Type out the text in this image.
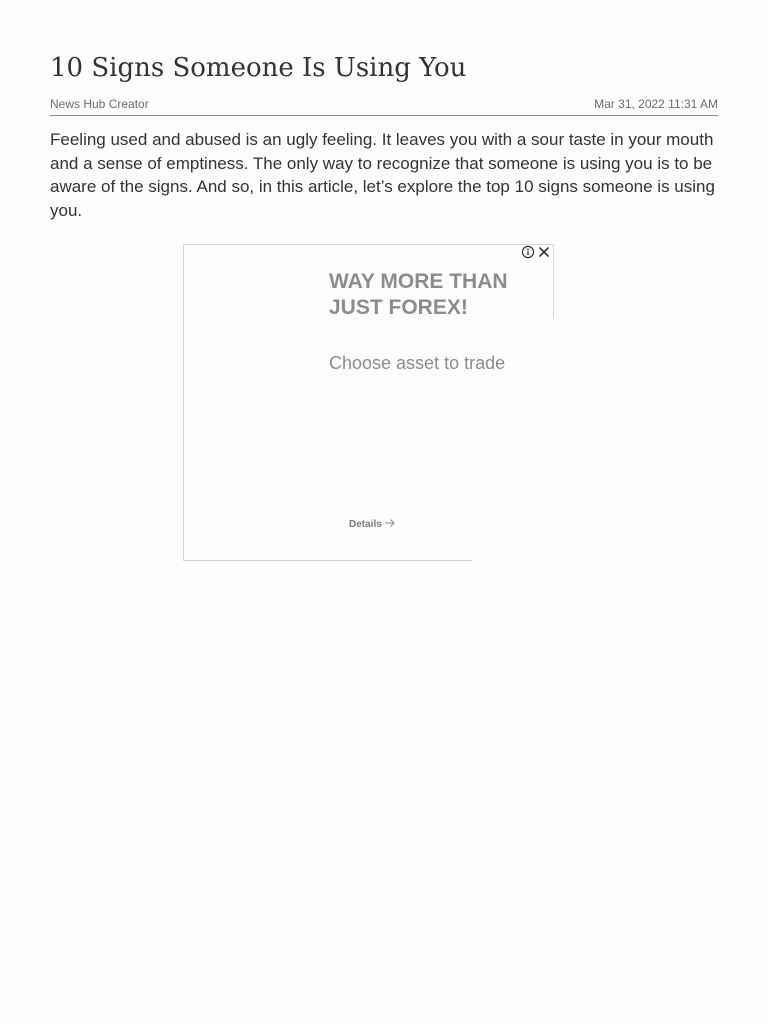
10 Signs Someone Is Using You
News Hub Creator	Mar 31, 2022 11:31 AM

Feeling used and abused is an ugly feeling. It leaves you with a sour taste in your mouth and a sense of emptiness. The only way to recognize that someone is using you is to be aware of the signs. And so, in this article, let’s explore the top 10 signs someone is using you.

WAY MORE THAN JUST FOREX!
Choose asset to trade
Details
